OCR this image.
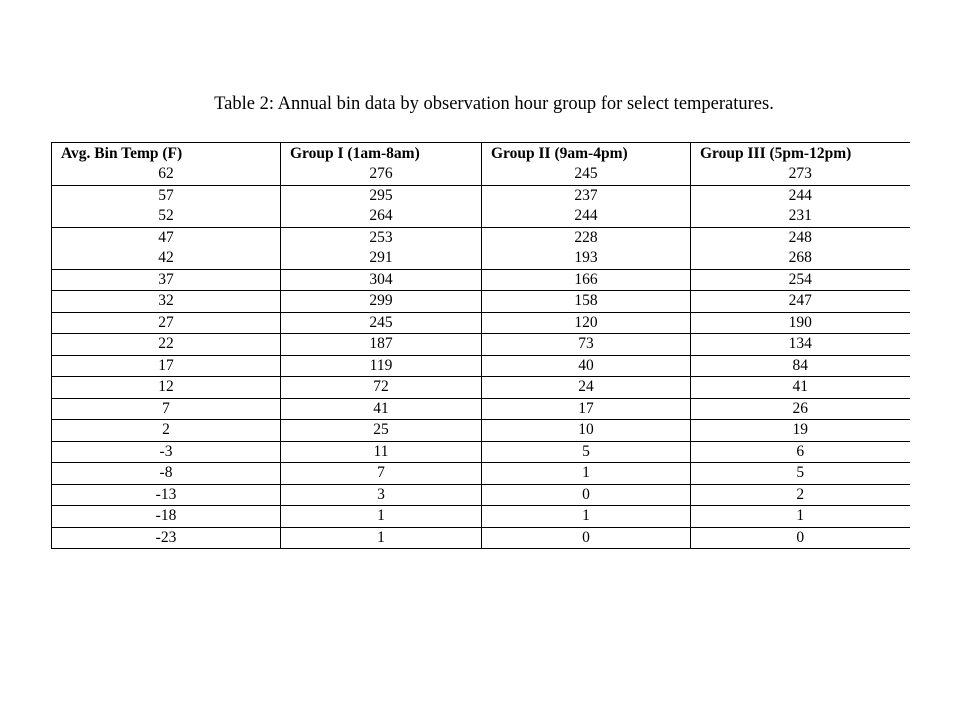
Table 2: Annual bin data by observation hour group for select temperatures.
Avg. Bin Temp (F)	Group I (1am-8am)	Group II (9am-4pm)	Group III (5pm-12pm)
62	276	245	273
57	295	237	244
52	264	244	231
47	253	228	248
42	291	193	268
37	304	166	254
32	299	158	247
27	245	120	190
22	187	73	134
17	119	40	84
12	72	24	41
7	41	17	26
2	25	10	19
-3	11	5	6
-8	7	1	5
-13	3	0	2
-18	1	1	1
-23	1	0	0
